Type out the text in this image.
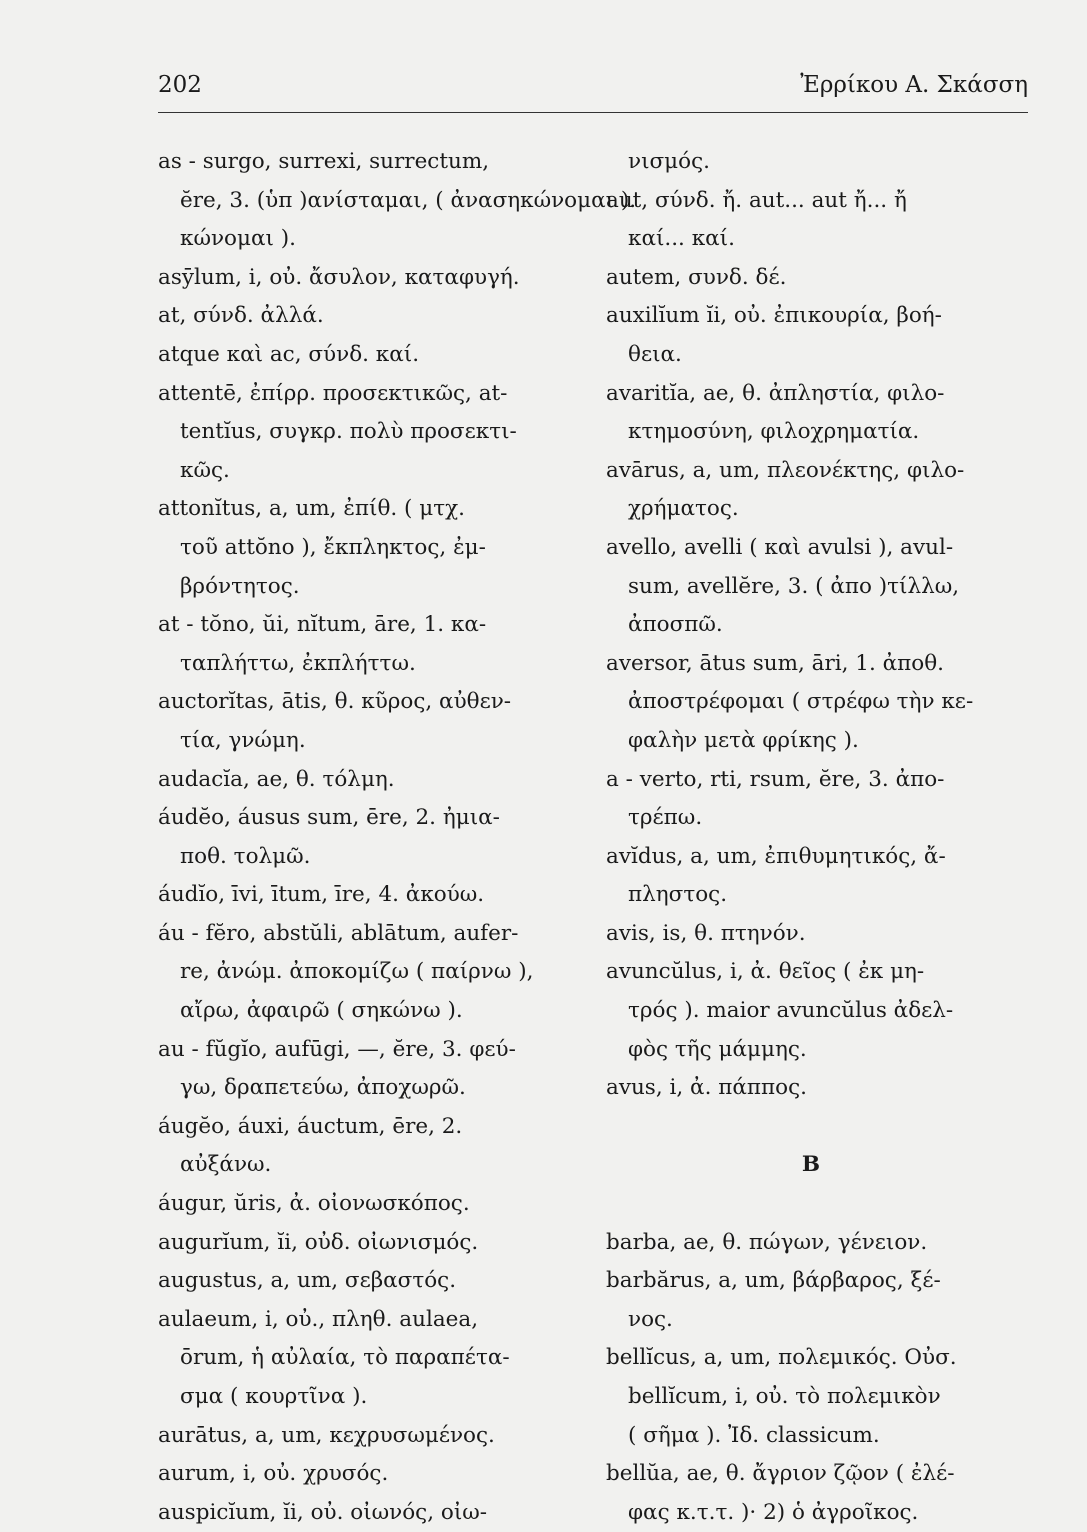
202	Ἐρρίκου Α. Σκάσση
as - surgo, surrexi, surrectum,
ĕre, 3. (ὑπ )ανίσταμαι, ( ἀνασηκώνομαι ).
κώνομαι ).
asȳlum, i, οὐ. ἄσυλον, καταφυγή.
at, σύνδ. ἀλλά.
atque καὶ ac, σύνδ. καί.
attentē, ἐπίρρ. προσεκτικῶς, at-
tentĭus, συγκρ. πολὺ προσεκτι-
κῶς.
attonĭtus, a, um, ἐπίθ. ( μτχ.
τοῦ attŏno ), ἔκπληκτος, ἐμ-
βρόντητος.
at - tŏno, ŭi, nĭtum, āre, 1. κα-
ταπλήττω, ἐκπλήττω.
auctorĭtas, ātis, θ. κῦρος, αὐθεν-
τία, γνώμη.
audacĭa, ae, θ. τόλμη.
áudĕo, áusus sum, ēre, 2. ἠμια-
ποθ. τολμῶ.
áudĭo, īvi, ītum, īre, 4. ἀκούω.
áu - fĕro, abstŭli, ablātum, aufer-
re, ἀνώμ. ἀποκομίζω ( παίρνω ),
αἴρω, ἀφαιρῶ ( σηκώνω ).
au - fŭgĭo, aufūgi, —, ĕre, 3. φεύ-
γω, δραπετεύω, ἀποχωρῶ.
áugĕo, áuxi, áuctum, ēre, 2.
αὐξάνω.
áugur, ŭris, ἀ. οἰονωσκόπος.
augurĭum, ĭi, οὐδ. οἰωνισμός.
augustus, a, um, σεβαστός.
aulaeum, i, οὐ., πληθ. aulaea,
ōrum, ἡ αὐλαία, τὸ παραπέτα-
σμα ( κουρτῖνα ).
aurātus, a, um, κεχρυσωμένος.
aurum, i, οὐ. χρυσός.
auspicĭum, ĭi, οὐ. οἰωνός, οἰω-
νισμός.
aut, σύνδ. ἤ. aut... aut ἤ... ἤ
καί... καί.
autem, συνδ. δέ.
auxilĭum ĭi, οὐ. ἐπικουρία, βοή-
θεια.
avaritĭa, ae, θ. ἀπληστία, φιλο-
κτημοσύνη, φιλοχρηματία.
avārus, a, um, πλεονέκτης, φιλο-
χρήματος.
avello, avelli ( καὶ avulsi ), avul-
sum, avellĕre, 3. ( ἀπο )τίλλω,
ἀποσπῶ.
aversor, ātus sum, āri, 1. ἀποθ.
ἀποστρέφομαι ( στρέφω τὴν κε-
φαλὴν μετὰ φρίκης ).
a - verto, rti, rsum, ĕre, 3. ἀπο-
τρέπω.
avĭdus, a, um, ἐπιθυμητικός, ἄ-
πληστος.
avis, is, θ. πτηνόν.
avuncŭlus, i, ἀ. θεῖος ( ἐκ μη-
τρός ). maior avuncŭlus ἀδελ-
φὸς τῆς μάμμης.
avus, i, ἀ. πάππος.
B
barba, ae, θ. πώγων, γένειον.
barbărus, a, um, βάρβαρος, ξέ-
νος.
bellĭcus, a, um, πολεμικός. Οὐσ.
bellĭcum, i, οὐ. τὸ πολεμικὸν
( σῆμα ). Ἰδ. classicum.
bellŭa, ae, θ. ἄγριον ζῷον ( ἐλέ-
φας κ.τ.τ. )· 2) ὁ ἀγροῖκος.
